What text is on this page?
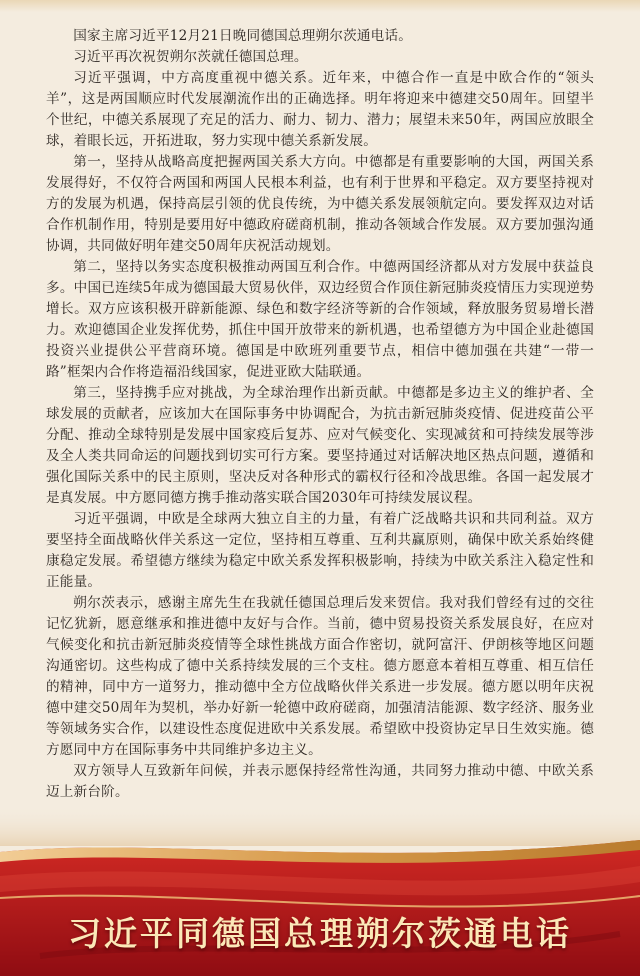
国家主席习近平12月21日晚同德国总理朔尔茨通电话。

习近平再次祝贺朔尔茨就任德国总理。

习近平强调，中方高度重视中德关系。近年来，中德合作一直是中欧合作的“领头羊”，这是两国顺应时代发展潮流作出的正确选择。明年将迎来中德建交50周年。回望半个世纪，中德关系展现了充足的活力、耐力、韧力、潜力；展望未来50年，两国应放眼全球，着眼长远，开拓进取，努力实现中德关系新发展。

第一，坚持从战略高度把握两国关系大方向。中德都是有重要影响的大国，两国关系发展得好，不仅符合两国和两国人民根本利益，也有利于世界和平稳定。双方要坚持视对方的发展为机遇，保持高层引领的优良传统，为中德关系发展领航定向。要发挥双边对话合作机制作用，特别是要用好中德政府磋商机制，推动各领域合作发展。双方要加强沟通协调，共同做好明年建交50周年庆祝活动规划。

第二，坚持以务实态度积极推动两国互利合作。中德两国经济都从对方发展中获益良多。中国已连续5年成为德国最大贸易伙伴，双边经贸合作顶住新冠肺炎疫情压力实现逆势增长。双方应该积极开辟新能源、绿色和数字经济等新的合作领域，释放服务贸易增长潜力。欢迎德国企业发挥优势，抓住中国开放带来的新机遇，也希望德方为中国企业赴德国投资兴业提供公平营商环境。德国是中欧班列重要节点，相信中德加强在共建“一带一路”框架内合作将造福沿线国家，促进亚欧大陆联通。

第三，坚持携手应对挑战，为全球治理作出新贡献。中德都是多边主义的维护者、全球发展的贡献者，应该加大在国际事务中协调配合，为抗击新冠肺炎疫情、促进疫苗公平分配、推动全球特别是发展中国家疫后复苏、应对气候变化、实现减贫和可持续发展等涉及全人类共同命运的问题找到切实可行方案。要坚持通过对话解决地区热点问题，遵循和强化国际关系中的民主原则，坚决反对各种形式的霸权行径和冷战思维。各国一起发展才是真发展。中方愿同德方携手推动落实联合国2030年可持续发展议程。

习近平强调，中欧是全球两大独立自主的力量，有着广泛战略共识和共同利益。双方要坚持全面战略伙伴关系这一定位，坚持相互尊重、互利共赢原则，确保中欧关系始终健康稳定发展。希望德方继续为稳定中欧关系发挥积极影响，持续为中欧关系注入稳定性和正能量。

朔尔茨表示，感谢主席先生在我就任德国总理后发来贺信。我对我们曾经有过的交往记忆犹新，愿意继承和推进德中友好与合作。当前，德中贸易投资关系发展良好，在应对气候变化和抗击新冠肺炎疫情等全球性挑战方面合作密切，就阿富汗、伊朗核等地区问题沟通密切。这些构成了德中关系持续发展的三个支柱。德方愿意本着相互尊重、相互信任的精神，同中方一道努力，推动德中全方位战略伙伴关系进一步发展。德方愿以明年庆祝德中建交50周年为契机，举办好新一轮德中政府磋商，加强清洁能源、数字经济、服务业等领域务实合作，以建设性态度促进欧中关系发展。希望欧中投资协定早日生效实施。德方愿同中方在国际事务中共同维护多边主义。

双方领导人互致新年问候，并表示愿保持经常性沟通，共同努力推动中德、中欧关系迈上新台阶。

习近平同德国总理朔尔茨通电话
